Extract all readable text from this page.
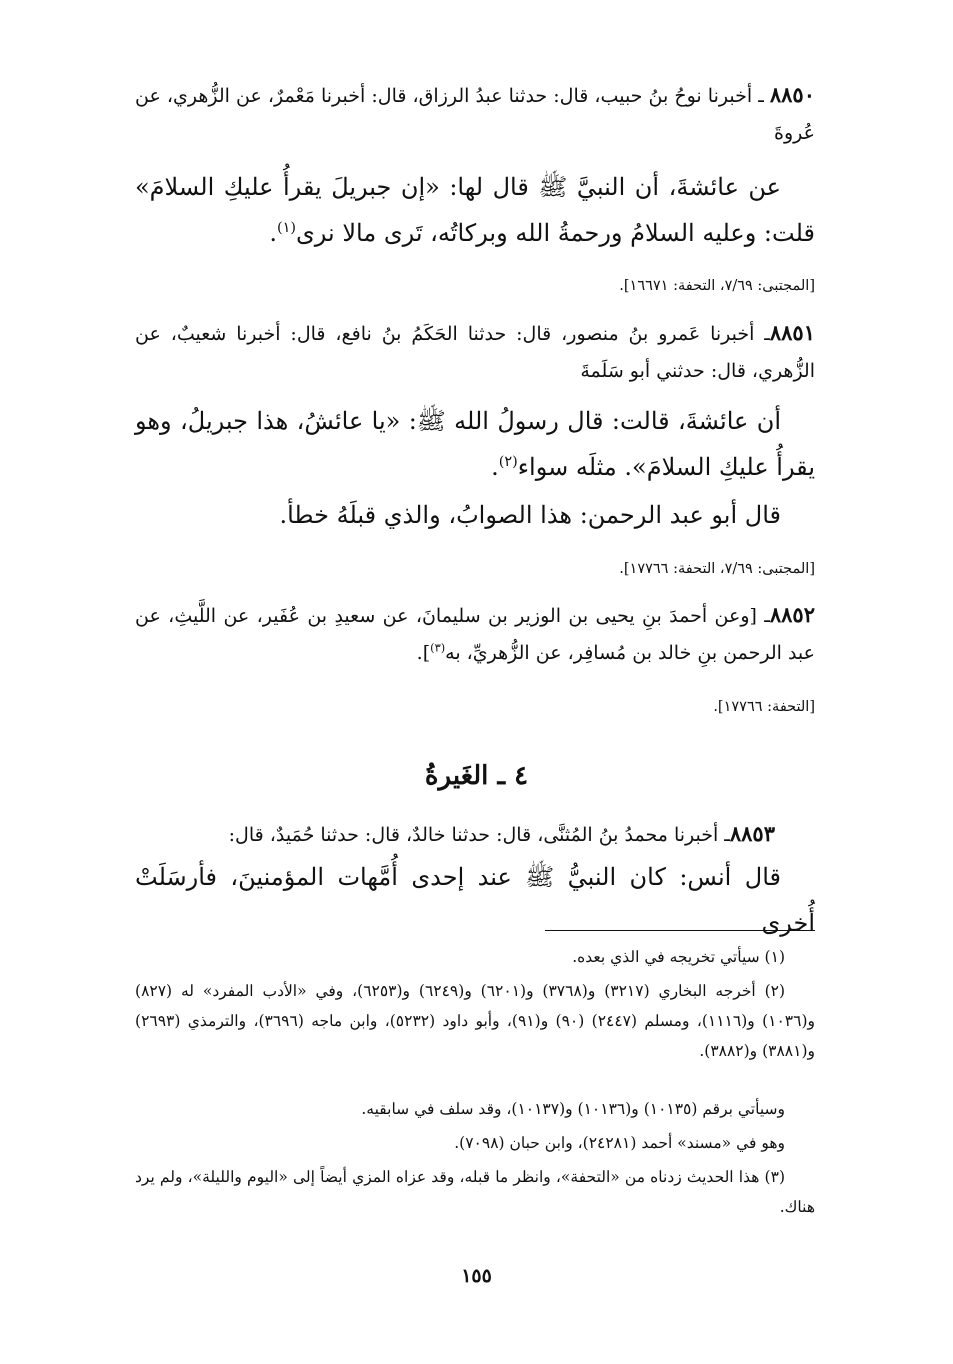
٨٨٥٠ ـ أخبرنا نوحُ بنُ حبيب، قال: حدثنا عبدُ الرزاق، قال: أخبرنا مَعْمرٌ، عن الزُّهري، عن عُروةَ
عن عائشةَ، أن النبيَّ ﷺ قال لها: «إن جبريلَ يقرأُ عليكِ السلامَ» قلت: وعليه السلامُ ورحمةُ الله وبركاتُه، تَرى مالا نرى$^{(١)}$.
[المجتبى: ٧/٦٩، التحفة: ١٦٦٧١].
٨٨٥١ـ أخبرنا عَمرو بنُ منصور، قال: حدثنا الحَكَمُ بنُ نافع، قال: أخبرنا شعيبٌ، عن الزُّهري، قال: حدثني أبو سَلَمةَ
أن عائشةَ، قالت: قال رسولُ الله ﷺ: «يا عائشُ، هذا جبريلُ، وهو يقرأُ عليكِ السلامَ». مثلَه سواء$^{(٢)}$.
قال أبو عبد الرحمن: هذا الصوابُ، والذي قبلَهُ خطأ.
[المجتبى: ٧/٦٩، التحفة: ١٧٧٦٦].
٨٨٥٢ـ [وعن أحمدَ بنِ يحيى بن الوزير بن سليمانَ، عن سعيدِ بن عُفَير، عن اللَّيثِ، عن عبد الرحمن بنِ خالد بن مُسافِر، عن الزُّهريِّ، به$^{(٣)}$].
[التحفة: ١٧٧٦٦].
٤ ـ الغَيرةُ
٨٨٥٣ـ أخبرنا محمدُ بنُ المُثنَّى، قال: حدثنا خالدٌ، قال: حدثنا حُمَيدٌ، قال:
قال أنس: كان النبيُّ ﷺ عند إحدى أُمَّهات المؤمنينَ، فأرسَلَتْ أُخرى
(١) سيأتي تخريجه في الذي بعده.
(٢) أخرجه البخاري (٣٢١٧) و(٣٧٦٨) و(٦٢٠١) و(٦٢٤٩) و(٦٢٥٣)، وفي «الأدب المفرد» له (٨٢٧) و(١٠٣٦) و(١١١٦)، ومسلم (٢٤٤٧) (٩٠) و(٩١)، وأبو داود (٥٢٣٢)، وابن ماجه (٣٦٩٦)، والترمذي (٢٦٩٣) و(٣٨٨١) و(٣٨٨٢).
وسيأتي برقم (١٠١٣٥) و(١٠١٣٦) و(١٠١٣٧)، وقد سلف في سابقيه.
وهو في «مسند» أحمد (٢٤٢٨١)، وابن حبان (٧٠٩٨).
(٣) هذا الحديث زدناه من «التحفة»، وانظر ما قبله، وقد عزاه المزي أيضاً إلى «اليوم والليلة»، ولم يرد هناك.
١٥٥
